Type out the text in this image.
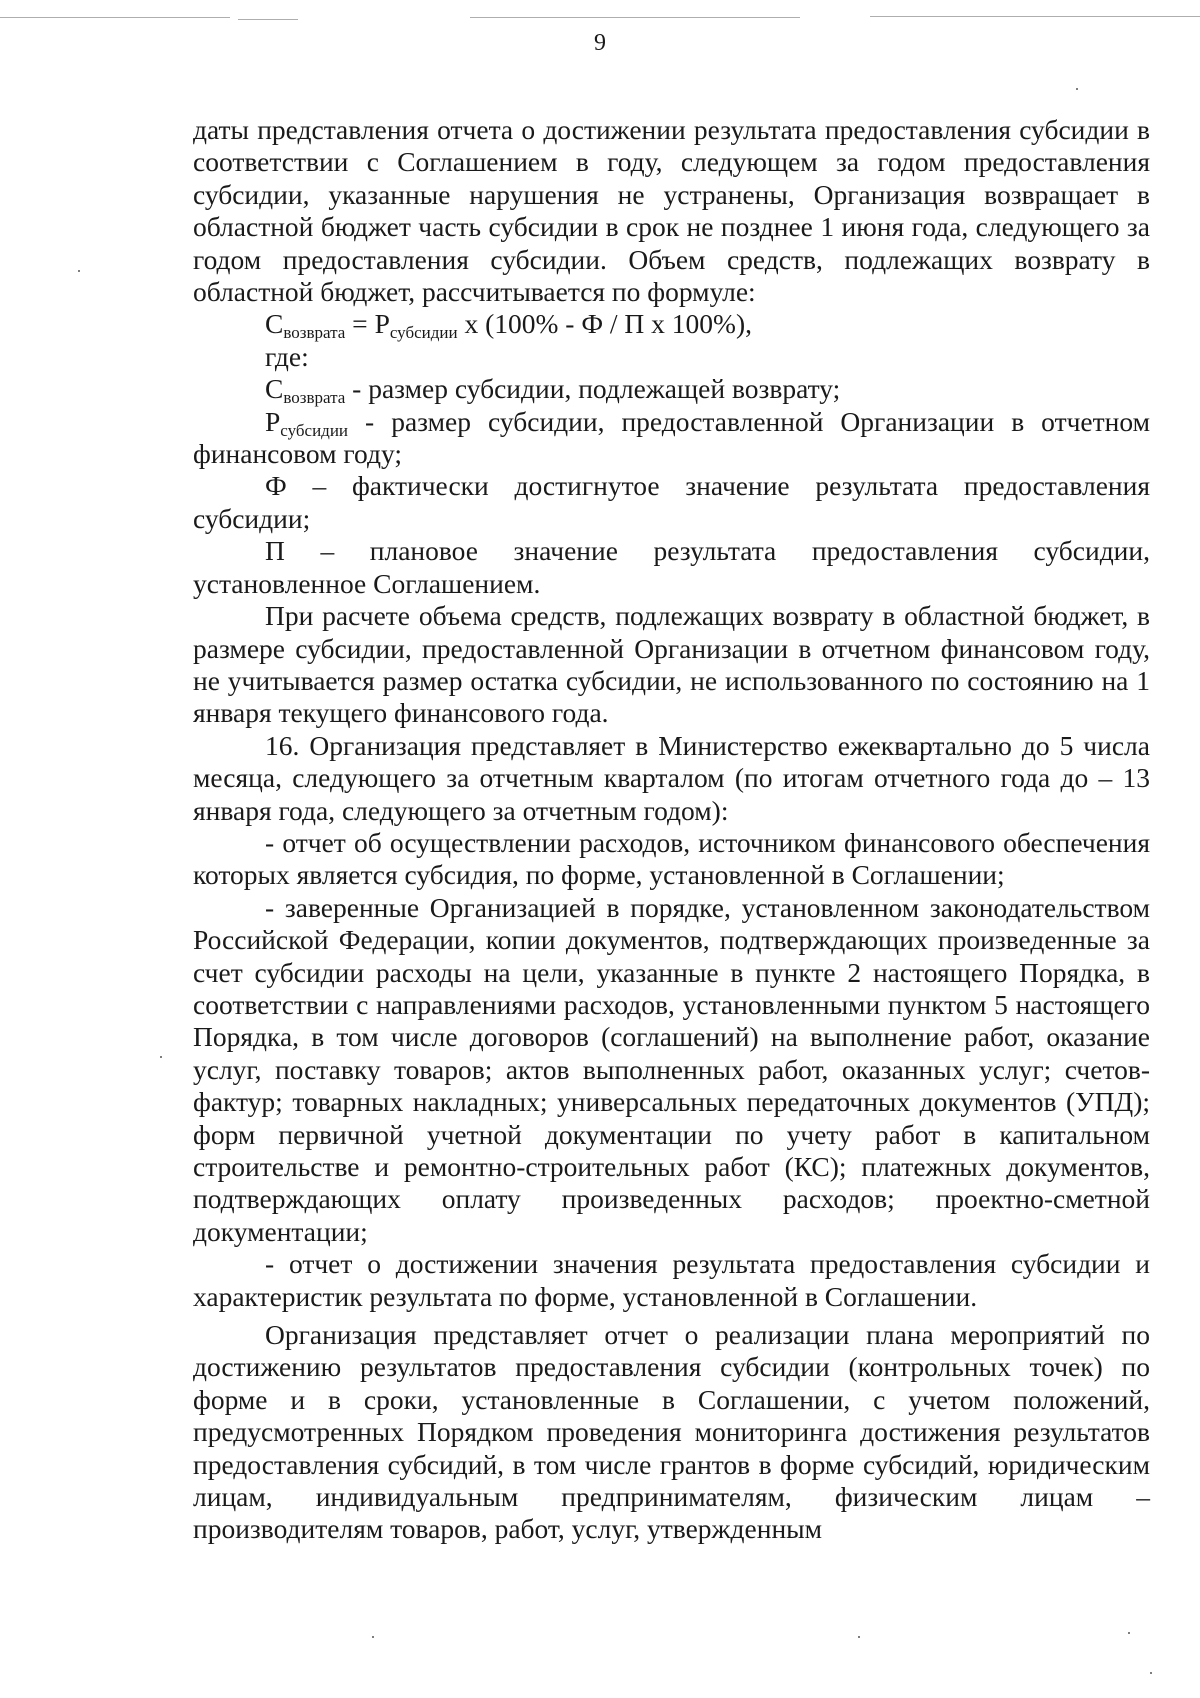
9

даты представления отчета о достижении результата предоставления субсидии в соответствии с Соглашением в году, следующем за годом предоставления субсидии, указанные нарушения не устранены, Организация возвращает в областной бюджет часть субсидии в срок не позднее 1 июня года, следующего за годом предоставления субсидии. Объем средств, подлежащих возврату в областной бюджет, рассчитывается по формуле:

$С_{возврата} = Р_{субсидии}$ x (100% - Ф / П x 100%),

где:

$С_{возврата}$ - размер субсидии, подлежащей возврату;

$Р_{субсидии}$ - размер субсидии, предоставленной Организации в отчетном финансовом году;

Ф – фактически достигнутое значение результата предоставления субсидии;

П – плановое значение результата предоставления субсидии, установленное Соглашением.

При расчете объема средств, подлежащих возврату в областной бюджет, в размере субсидии, предоставленной Организации в отчетном финансовом году, не учитывается размер остатка субсидии, не использованного по состоянию на 1 января текущего финансового года.

16. Организация представляет в Министерство ежеквартально до 5 числа месяца, следующего за отчетным кварталом (по итогам отчетного года до – 13 января года, следующего за отчетным годом):

- отчет об осуществлении расходов, источником финансового обеспечения которых является субсидия, по форме, установленной в Соглашении;

- заверенные Организацией в порядке, установленном законодательством Российской Федерации, копии документов, подтверждающих произведенные за счет субсидии расходы на цели, указанные в пункте 2 настоящего Порядка, в соответствии с направлениями расходов, установленными пунктом 5 настоящего Порядка, в том числе договоров (соглашений) на выполнение работ, оказание услуг, поставку товаров; актов выполненных работ, оказанных услуг; счетов-фактур; товарных накладных; универсальных передаточных документов (УПД); форм первичной учетной документации по учету работ в капитальном строительстве и ремонтно-строительных работ (КС); платежных документов, подтверждающих оплату произведенных расходов; проектно-сметной документации;

- отчет о достижении значения результата предоставления субсидии и характеристик результата по форме, установленной в Соглашении.

Организация представляет отчет о реализации плана мероприятий по достижению результатов предоставления субсидии (контрольных точек) по форме и в сроки, установленные в Соглашении, с учетом положений, предусмотренных Порядком проведения мониторинга достижения результатов предоставления субсидий, в том числе грантов в форме субсидий, юридическим лицам, индивидуальным предпринимателям, физическим лицам – производителям товаров, работ, услуг, утвержденным
